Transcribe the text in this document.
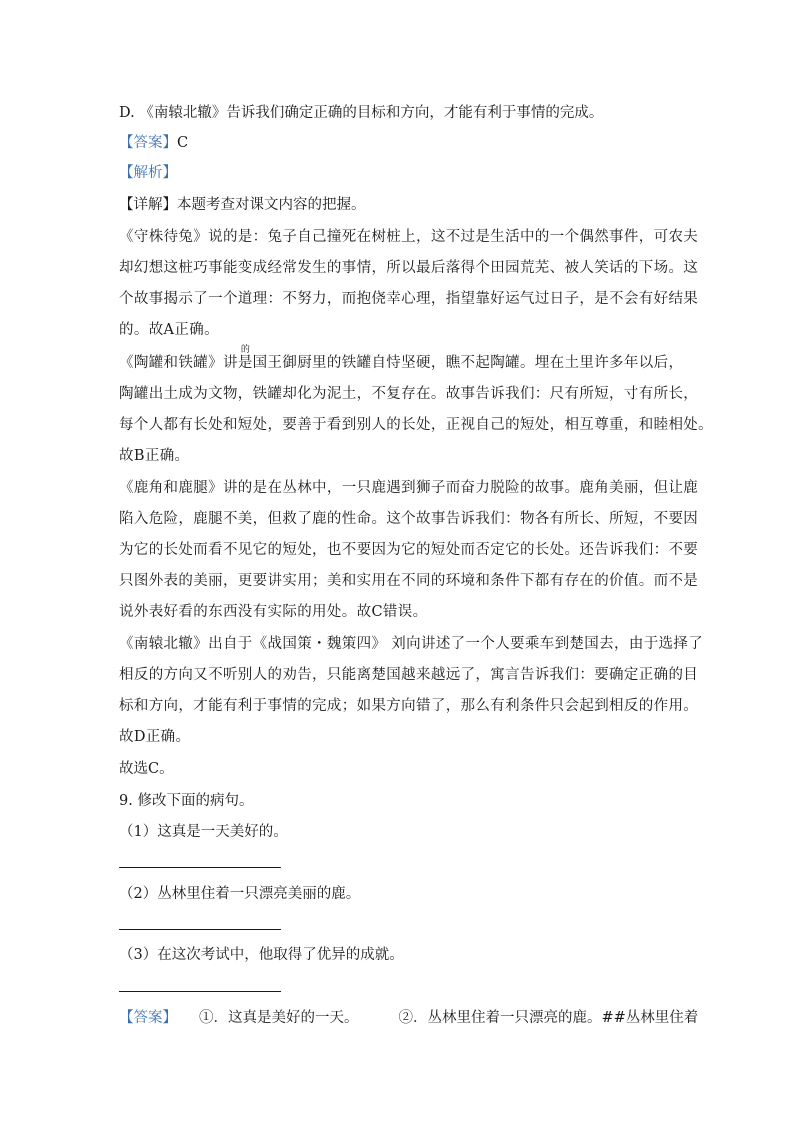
D. 《南辕北辙》告诉我们确定正确的目标和方向，才能有利于事情的完成。
【答案】C
【解析】
【详解】本题考查对课文内容的把握。
《守株待兔》说的是：兔子自己撞死在树桩上，这不过是生活中的一个偶然事件，可农夫
却幻想这桩巧事能变成经常发生的事情，所以最后落得个田园荒芜、被人笑话的下场。这
个故事揭示了一个道理：不努力，而抱侥幸心理，指望靠好运气过日子，是不会有好结果
的。故A正确。
《陶罐和铁罐》讲
的
是国王御厨里的铁罐自恃坚硬，瞧不起陶罐。埋在土里许多年以后，
陶罐出土成为文物，铁罐却化为泥土，不复存在。故事告诉我们：尺有所短，寸有所长，
每个人都有长处和短处，要善于看到别人的长处，正视自己的短处，相互尊重，和睦相处。
故B正确。
《鹿角和鹿腿》讲的是在丛林中，一只鹿遇到狮子而奋力脱险的故事。鹿角美丽，但让鹿
陷入危险，鹿腿不美，但救了鹿的性命。这个故事告诉我们：物各有所长、所短，不要因
为它的长处而看不见它的短处，也不要因为它的短处而否定它的长处。还告诉我们：不要
只图外表的美丽，更要讲实用；美和实用在不同的环境和条件下都有存在的价值。而不是
说外表好看的东西没有实际的用处。故C错误。
《南辕北辙》出自于《战国策・魏策四》 刘向讲述了一个人要乘车到楚国去，由于选择了
相反的方向又不听别人的劝告，只能离楚国越来越远了，寓言告诉我们：要确定正确的目
标和方向，才能有利于事情的完成；如果方向错了，那么有利条件只会起到相反的作用。
故D正确。
故选C。
9. 修改下面的病句。
（1）这真是一天美好的。
（2）丛林里住着一只漂亮美丽的鹿。
（3）在这次考试中，他取得了优异的成就。
【答案】 ①．这真是美好的一天。	②．丛林里住着一只漂亮的鹿。##丛林里住着
